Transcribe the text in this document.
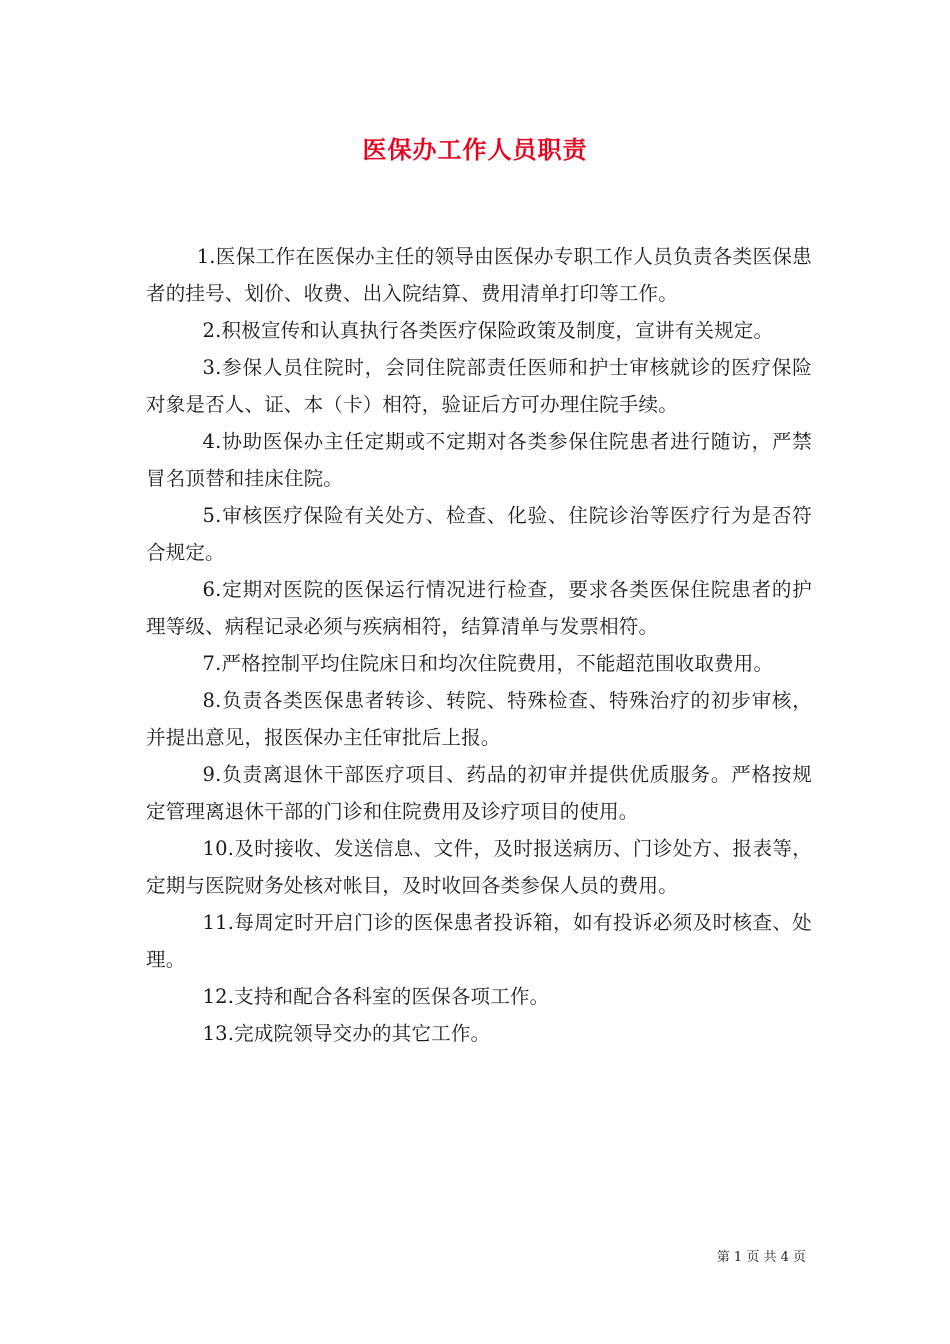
医保办工作人员职责

1.医保工作在医保办主任的领导由医保办专职工作人员负责各类医保患者的挂号、划价、收费、出入院结算、费用清单打印等工作。

2.积极宣传和认真执行各类医疗保险政策及制度，宣讲有关规定。

3.参保人员住院时，会同住院部责任医师和护士审核就诊的医疗保险对象是否人、证、本（卡）相符，验证后方可办理住院手续。

4.协助医保办主任定期或不定期对各类参保住院患者进行随访，严禁冒名顶替和挂床住院。

5.审核医疗保险有关处方、检查、化验、住院诊治等医疗行为是否符合规定。

6.定期对医院的医保运行情况进行检查，要求各类医保住院患者的护理等级、病程记录必须与疾病相符，结算清单与发票相符。

7.严格控制平均住院床日和均次住院费用，不能超范围收取费用。

8.负责各类医保患者转诊、转院、特殊检查、特殊治疗的初步审核，并提出意见，报医保办主任审批后上报。

9.负责离退休干部医疗项目、药品的初审并提供优质服务。严格按规定管理离退休干部的门诊和住院费用及诊疗项目的使用。

10.及时接收、发送信息、文件，及时报送病历、门诊处方、报表等，定期与医院财务处核对帐目，及时收回各类参保人员的费用。

11.每周定时开启门诊的医保患者投诉箱，如有投诉必须及时核查、处理。

12.支持和配合各科室的医保各项工作。

13.完成院领导交办的其它工作。

第 1 页 共 4 页
